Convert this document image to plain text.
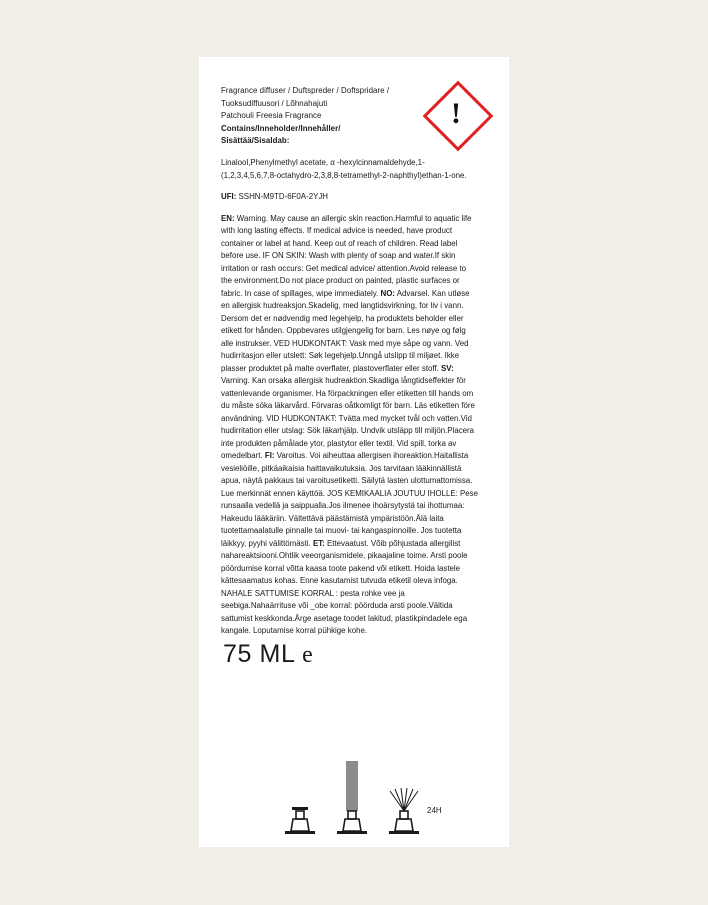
!
Fragrance diffuser / Duftspreder / Doftspridare /
Tuoksudiffuusori / Lõhnahajuti
Patchouli Freesia Fragrance
Contains/Inneholder/Innehåller/
Sisättää/Sisaldab:
Linalool,Phenylmethyl acetate, α -hexylcinnamaldehyde,1-(1,2,3,4,5,6,7,8-octahydro-2,3,8,8-tetramethyl-2-naphthyl)ethan-1-one.
UFI: SSHN-M9TD-6F0A-2YJH
EN: Warning. May cause an allergic skin reaction.Harmful to aquatic life with long lasting effects. If medical advice is needed, have product container or label at hand. Keep out of reach of children. Read label before use. IF ON SKIN: Wash with plenty of soap and water.If skin irritation or rash occurs: Get medical advice/ attention.Avoid release to the environment.Do not place product on painted, plastic surfaces or fabric. In case of spillages, wipe immediately. NO: Advarsel. Kan utløse en allergisk hudreaksjon.Skadelig, med langtidsvirkning, for liv i vann. Dersom det er nødvendig med legehjelp, ha produktets beholder eller etikett for hånden. Oppbevares utilgjengelig for barn. Les nøye og følg alle instrukser. VED HUDKONTAKT: Vask med mye såpe og vann. Ved hudirritasjon eller utslett: Søk legehjelp.Unngå utslipp til miljøet. Ikke plasser produktet på malte overflater, plastoverflater eller stoff. SV: Varning. Kan orsaka allergisk hudreaktion.Skadliga långtidseffekter för vattenlevande organismer. Ha förpackningen eller etiketten till hands om du måste söka läkarvård. Förvaras oåtkomligt för barn. Läs etiketten före användning. VID HUDKONTAKT: Tvätta med mycket tvål och vatten.Vid hudirritation eller utslag: Sök läkarhjälp. Undvik utsläpp till miljön.Placera inte produkten påmålade ytor, plastytor eller textil. Vid spill, torka av omedelbart. FI: Varoitus. Voi aiheuttaa allergisen ihoreaktion.Haitallista vesieliöille, pitkäaikaisia haittavaikutuksia. Jos tarvitaan lääkinnällistä apua, näytä pakkaus tai varoitusetiketti. Säilytä lasten ulottumattomissa. Lue merkinnät ennen käyttöä. JOS KEMIKAALIA JOUTUU IHOLLE: Pese runsaalla vedellä ja saippualla.Jos ilmenee ihoärsytystä tai ihottumaa: Hakeudu lääkäriin. Vältettävä päästämistä ympäristöön.Älä laita tuotettamaalatulle pinnalle tai muovi- tai kangaspinnoille. Jos tuotetta läikkyy, pyyhi välittömästi. ET: Ettevaatust. Võib põhjustada allergilist nahareaktsiooni.Ohtlik veeorganismidele, pikaajaline toime. Arsti poole pöördumise korral võtta kaasa toote pakend või etikett. Hoida lastele kättesaamatus kohas. Enne kasutamist tutvuda etiketil oleva infoga. NAHALE SATTUMISE KORRAL : pesta rohke vee ja seebiga.Nahaärrituse või _obe korral: pöörduda arsti poole.Vältida sattumist keskkonda.Ärge asetage toodet lakitud, plastikpindadele ega kangale. Loputamise korral pühkige kohe.
75 ML e
24H
